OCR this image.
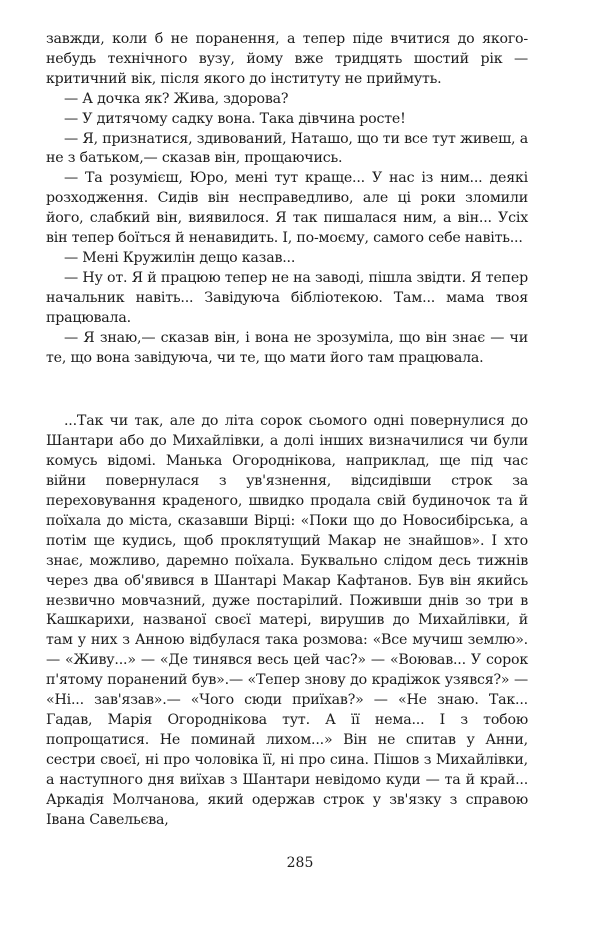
завжди, коли б не поранення, а тепер піде вчитися до якого-небудь технічного вузу, йому вже тридцять шостий рік — критичний вік, після якого до інституту не приймуть.

— А дочка як? Жива, здорова?

— У дитячому садку вона. Така дівчина росте!

— Я, признатися, здивований, Наташо, що ти все тут живеш, а не з батьком,— сказав він, прощаючись.

— Та розумієш, Юро, мені тут краще... У нас із ним... деякі розходження. Сидів він несправедливо, але ці роки зломили його, слабкий він, виявилося. Я так пишалася ним, а він... Усіх він тепер боїться й ненавидить. І, по-моєму, самого себе навіть...

— Мені Кружилін дещо казав...

— Ну от. Я й працюю тепер не на заводі, пішла звідти. Я тепер начальник навіть... Завідуюча бібліотекою. Там... мама твоя працювала.

— Я знаю,— сказав він, і вона не зрозуміла, що він знає — чи те, що вона завідуюча, чи те, що мати його там працювала.

...Так чи так, але до літа сорок сьомого одні повернулися до Шантари або до Михайлівки, а долі інших визначилися чи були комусь відомі. Манька Огороднікова, наприклад, ще під час війни повернулася з ув'язнення, відсидівши строк за переховування краденого, швидко продала свій будиночок та й поїхала до міста, сказавши Вірці: «Поки що до Новосибірська, а потім ще кудись, щоб проклятущий Макар не знайшов». І хто знає, можливо, даремно поїхала. Буквально слідом десь тижнів через два об'явився в Шантарі Макар Кафтанов. Був він якийсь незвично мовчазний, дуже постарілий. Поживши днів зо три в Кашкарихи, названої своєї матері, вирушив до Михайлівки, й там у них з Анною відбулася така розмова: «Все мучиш землю».— «Живу...» — «Де тинявся весь цей час?» — «Воював... У сорок п'ятому поранений був».— «Тепер знову до крадіжок узявся?» — «Ні... зав'язав».— «Чого сюди приїхав?» — «Не знаю. Так... Гадав, Марія Огороднікова тут. А її нема... І з тобою попрощатися. Не поминай лихом...» Він не спитав у Анни, сестри своєї, ні про чоловіка її, ні про сина. Пішов з Михайлівки, а наступного дня виїхав з Шантари невідомо куди — та й край... Аркадія Молчанова, який одержав строк у зв'язку з справою Івана Савельєва,

285
